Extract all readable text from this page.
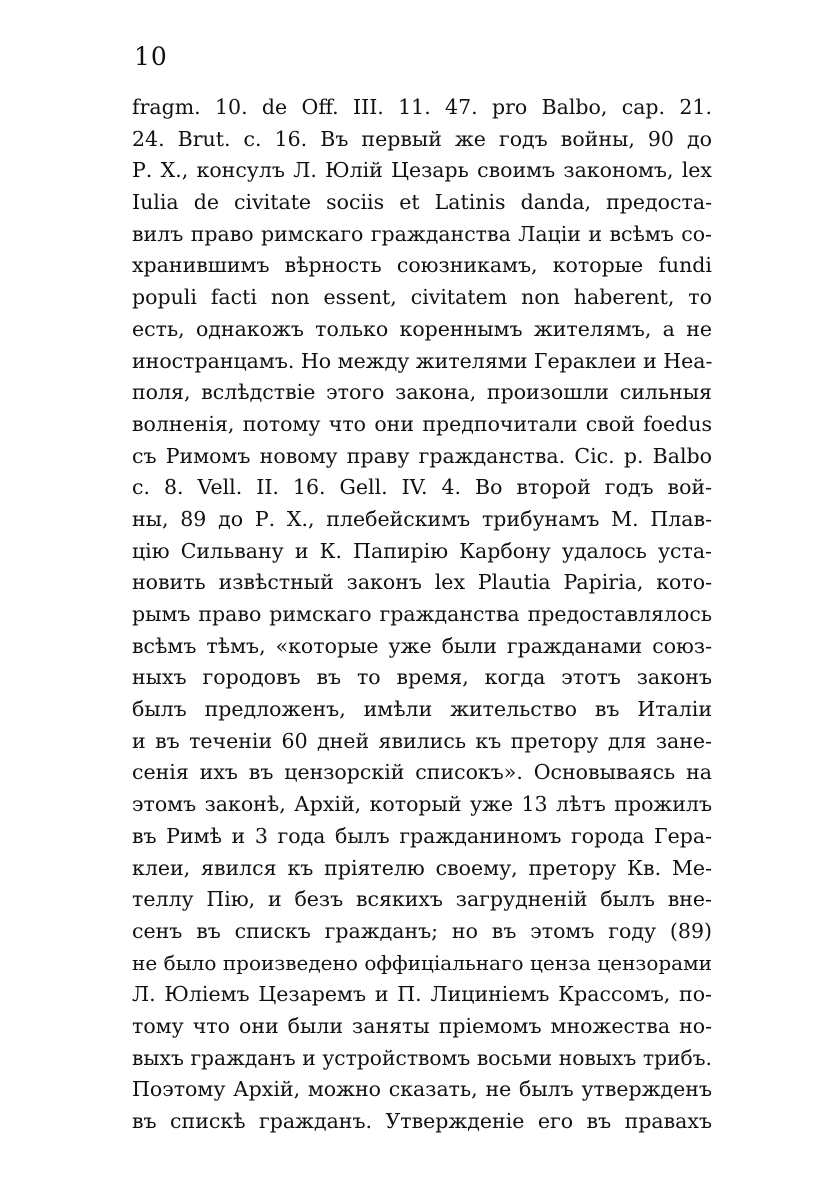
10
fragm. 10. de Off. III. 11. 47. pro Balbo, cap. 21.
24. Brut. c. 16. Въ первый же годъ войны, 90 до
Р. Х., консулъ Л. Юлій Цезарь своимъ закономъ, lex
Iulia de civitate sociis et Latinis danda, предоста-
вилъ право римскаго гражданства Лаціи и всѣмъ со-
хранившимъ вѣрность союзникамъ, которые fundi
populi facti non essent, civitatem non haberent, то
есть, однакожъ только кореннымъ жителямъ, а не
иностранцамъ. Но между жителями Гераклеи и Неа-
поля, вслѣдствіе этого закона, произошли сильныя
волненія, потому что они предпочитали свой foedus
съ Римомъ новому праву гражданства. Cic. p. Balbo
c. 8. Vell. II. 16. Gell. IV. 4. Во второй годъ вой-
ны, 89 до Р. Х., плебейскимъ трибунамъ М. Плав-
цію Сильвану и К. Папирію Карбону удалось уста-
новить извѣстный законъ lex Plautia Papiria, кото-
рымъ право римскаго гражданства предоставлялось
всѣмъ тѣмъ, «которые уже были гражданами союз-
ныхъ городовъ въ то время, когда этотъ законъ
былъ предложенъ, имѣли жительство въ Италіи
и въ теченіи 60 дней явились къ претору для зане-
сенія ихъ въ цензорскій списокъ». Основываясь на
этомъ законѣ, Архій, который уже 13 лѣтъ прожилъ
въ Римѣ и 3 года былъ гражданиномъ города Гера-
клеи, явился къ пріятелю своему, претору Кв. Ме-
теллу Пію, и безъ всякихъ загрудненій былъ внe-
сенъ въ спискъ гражданъ; но въ этомъ году (89)
не было произведено оффиціальнаго ценза цензорами
Л. Юліемъ Цезаремъ и П. Лициніемъ Крассомъ, по-
тому что они были заняты пріемомъ множества но-
выхъ гражданъ и устройствомъ восьми новыхъ трибъ.
Поэтому Архій, можно сказать, не былъ утвержденъ
въ спискѣ гражданъ. Утвержденіе его въ правахъ
